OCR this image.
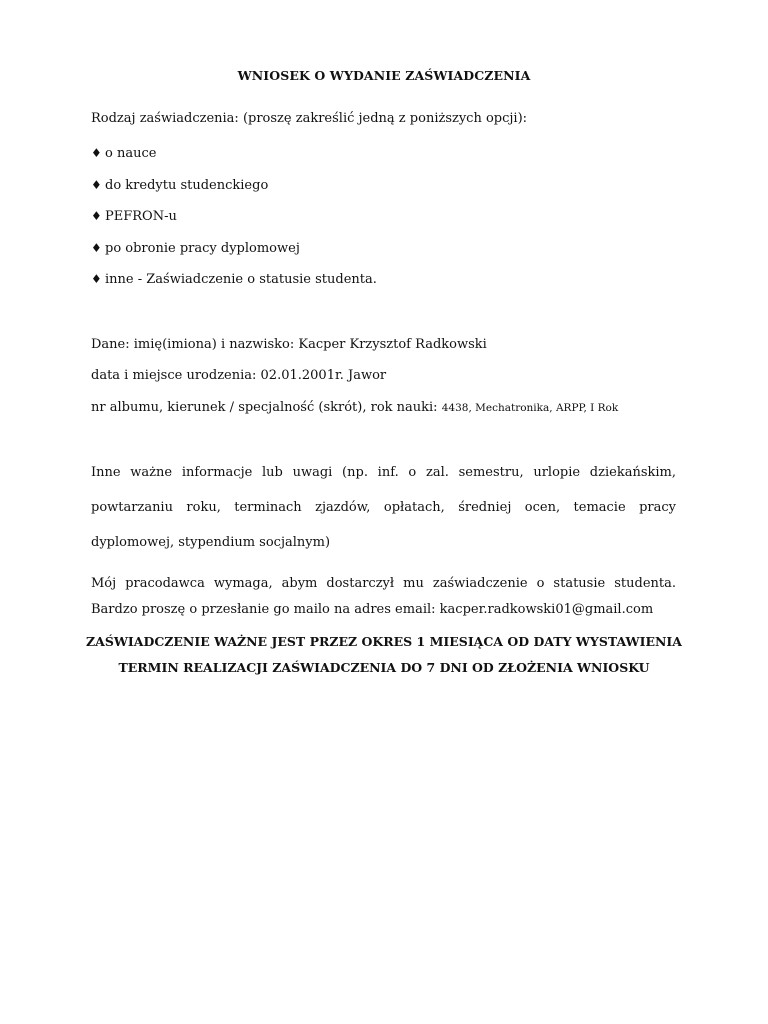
WNIOSEK O WYDANIE ZAŚWIADCZENIA
Rodzaj zaświadczenia: (proszę zakreślić jedną z poniższych opcji):
♦ o nauce
♦ do kredytu studenckiego
♦ PEFRON-u
♦ po obronie pracy dyplomowej
♦ inne - Zaświadczenie o statusie studenta.
Dane: imię(imiona) i nazwisko: Kacper Krzysztof Radkowski
data i miejsce urodzenia: 02.01.2001r. Jawor
nr albumu, kierunek / specjalność (skrót), rok nauki: 4438, Mechatronika, ARPP, I Rok
Inne ważne informacje lub uwagi (np. inf. o zal. semestru, urlopie dziekańskim,
powtarzaniu roku, terminach zjazdów, opłatach, średniej ocen, temacie pracy
dyplomowej, stypendium socjalnym)
Mój pracodawca wymaga, abym dostarczył mu zaświadczenie o statusie studenta.
Bardzo proszę o przesłanie go mailo na adres email: kacper.radkowski01@gmail.com
ZAŚWIADCZENIE WAŻNE JEST PRZEZ OKRES 1 MIESIĄCA OD DATY WYSTAWIENIA
TERMIN REALIZACJI ZAŚWIADCZENIA DO 7 DNI OD ZŁOŻENIA WNIOSKU
